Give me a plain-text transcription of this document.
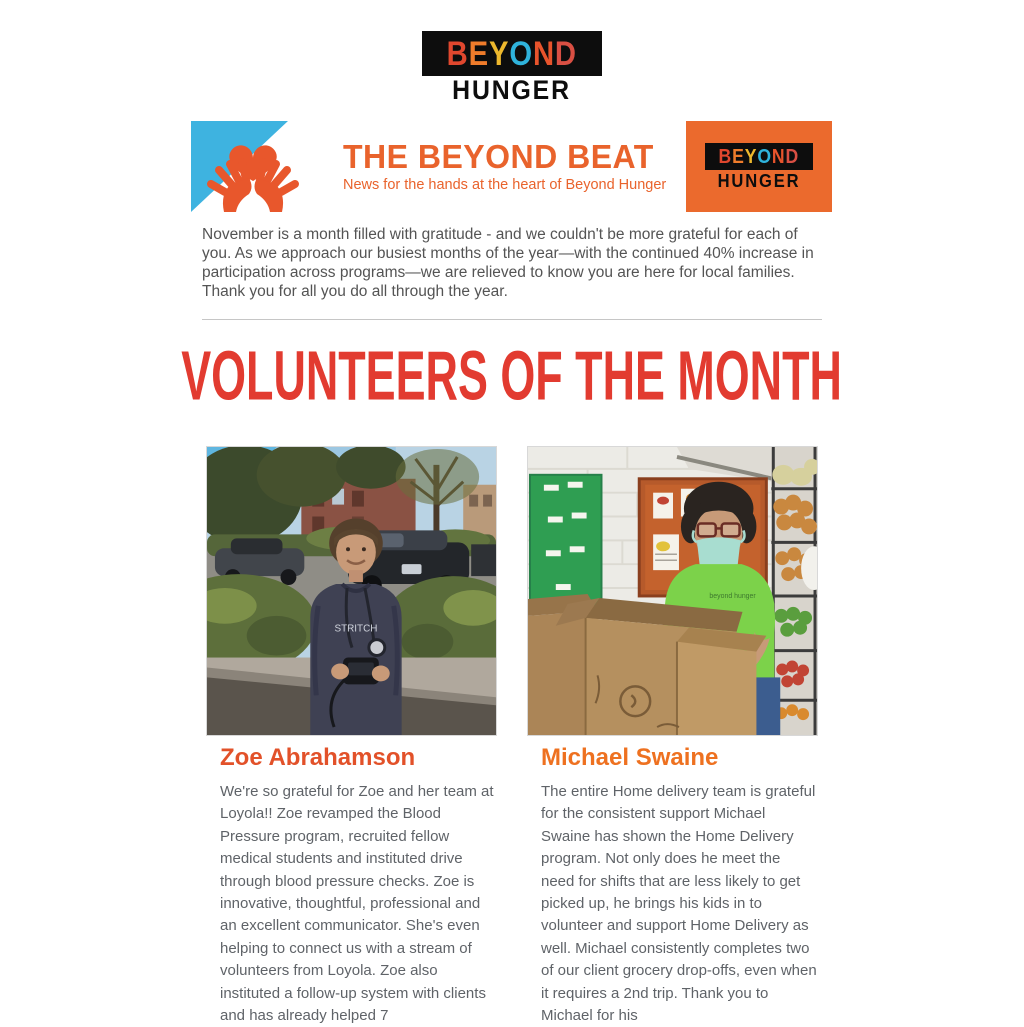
BEYOND
HUNGER
THE BEYOND BEAT
News for the hands at the heart of Beyond Hunger
BEYOND
HUNGER

November is a month filled with gratitude - and we couldn't be more grateful for each of you. As we approach our busiest months of the year—with the continued 40% increase in participation across programs—we are relieved to know you are here for local families. Thank you for all you do all through the year.

VOLUNTEERS OF THE MONTH
STRITCH
Zoe Abrahamson

We're so grateful for Zoe and her team at Loyola!! Zoe revamped the Blood Pressure program, recruited fellow medical students and instituted drive through blood pressure checks. Zoe is innovative, thoughtful, professional and an excellent communicator. She's even helping to connect us with a stream of volunteers from Loyola. Zoe also instituted a follow-up system with clients and has already helped 7

beyond hunger
Michael Swaine

The entire Home delivery team is grateful for the consistent support Michael Swaine has shown the Home Delivery program. Not only does he meet the need for shifts that are less likely to get picked up, he brings his kids in to volunteer and support Home Delivery as well. Michael consistently completes two of our client grocery drop-offs, even when it requires a 2nd trip. Thank you to Michael for his
